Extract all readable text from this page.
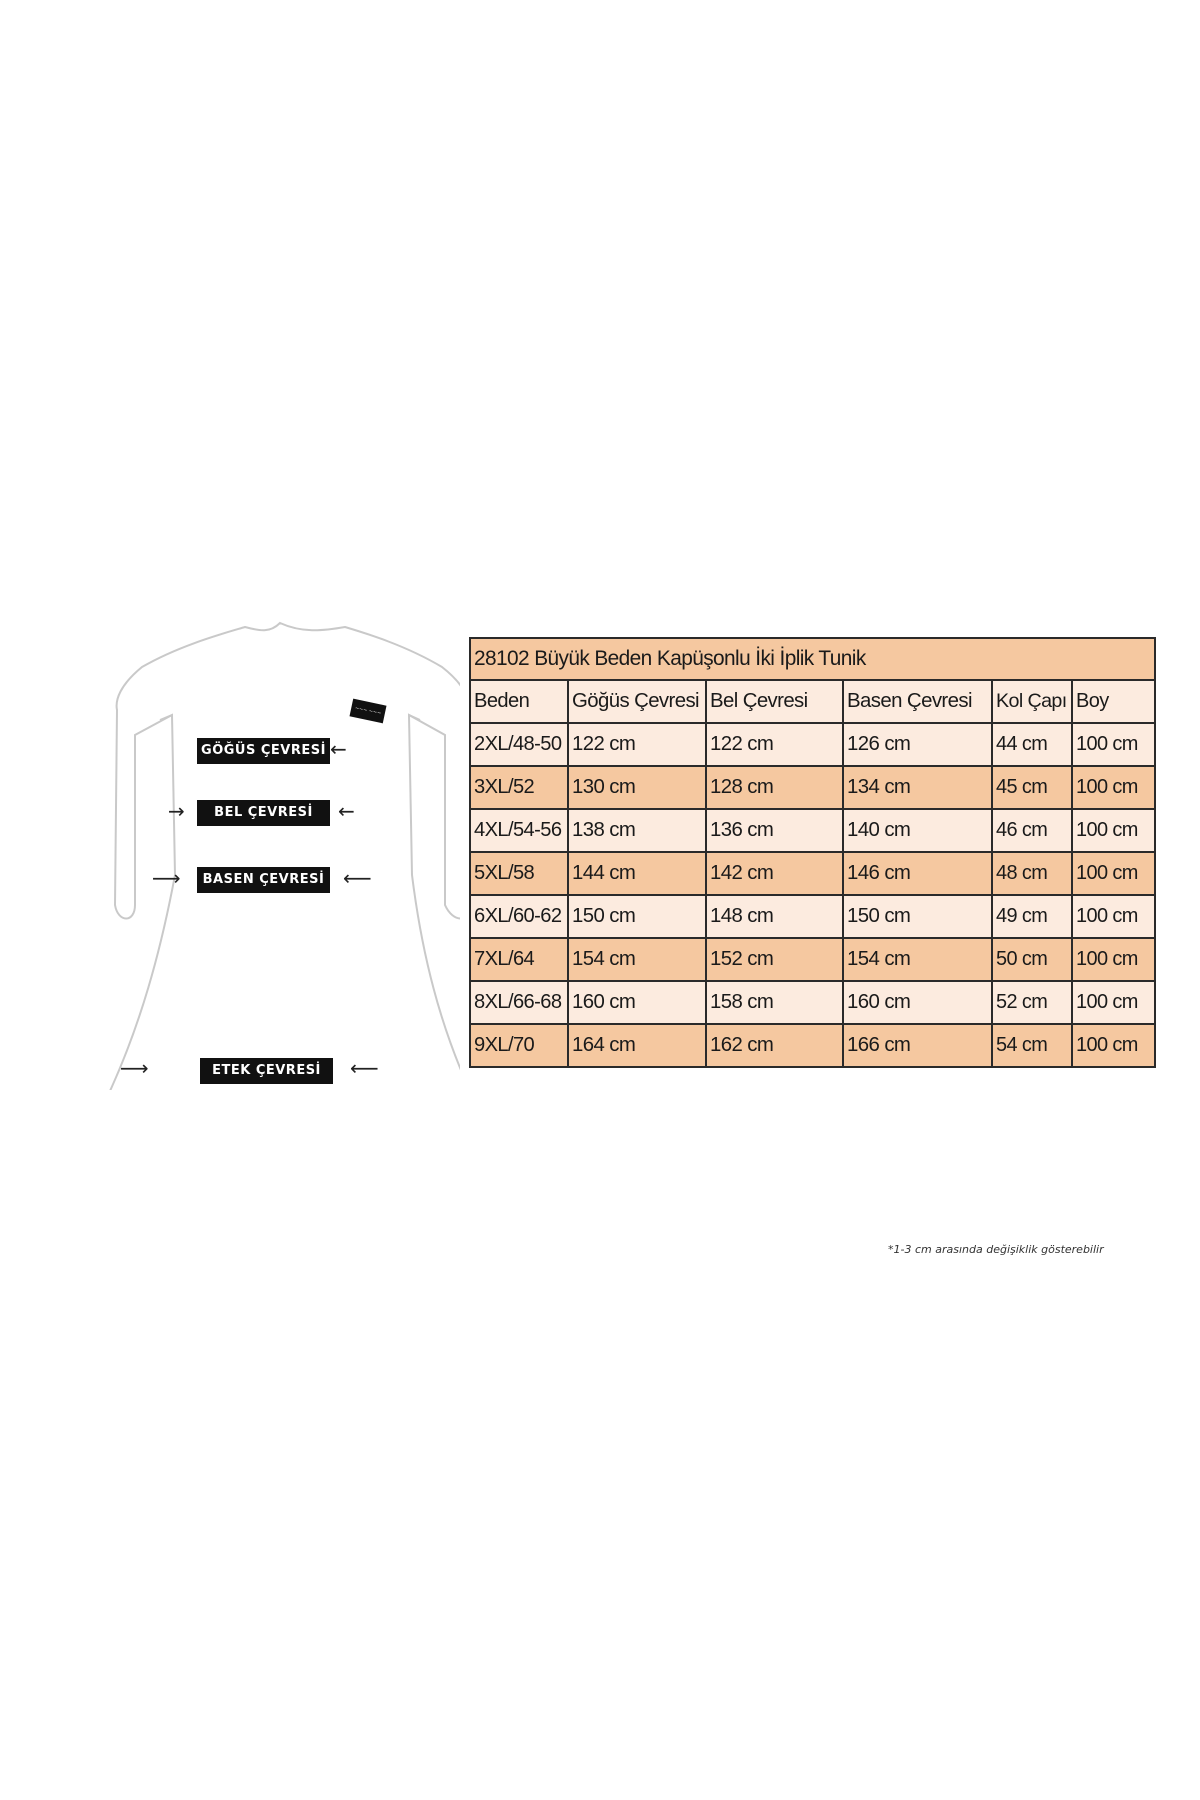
~~~ ~~~
GÖĞÜS ÇEVRESİ ←
BEL ÇEVRESİ
→	←
BASEN ÇEVRESİ
⟶	⟵
ETEK ÇEVRESİ
⟶	⟵
28102 Büyük Beden Kapüşonlu İki İplik Tunik					
Beden	Göğüs Çevresi	Bel Çevresi	Basen Çevresi	Kol Çapı	Boy
2XL/48-50	122 cm	122 cm	126 cm	44 cm	100 cm
3XL/52	130 cm	128 cm	134 cm	45 cm	100 cm
4XL/54-56	138 cm	136 cm	140 cm	46 cm	100 cm
5XL/58	144 cm	142 cm	146 cm	48 cm	100 cm
6XL/60-62	150 cm	148 cm	150 cm	49 cm	100 cm
7XL/64	154 cm	152 cm	154 cm	50 cm	100 cm
8XL/66-68	160 cm	158 cm	160 cm	52 cm	100 cm
9XL/70	164 cm	162 cm	166 cm	54 cm	100 cm
*1-3 cm arasında değişiklik gösterebilir
